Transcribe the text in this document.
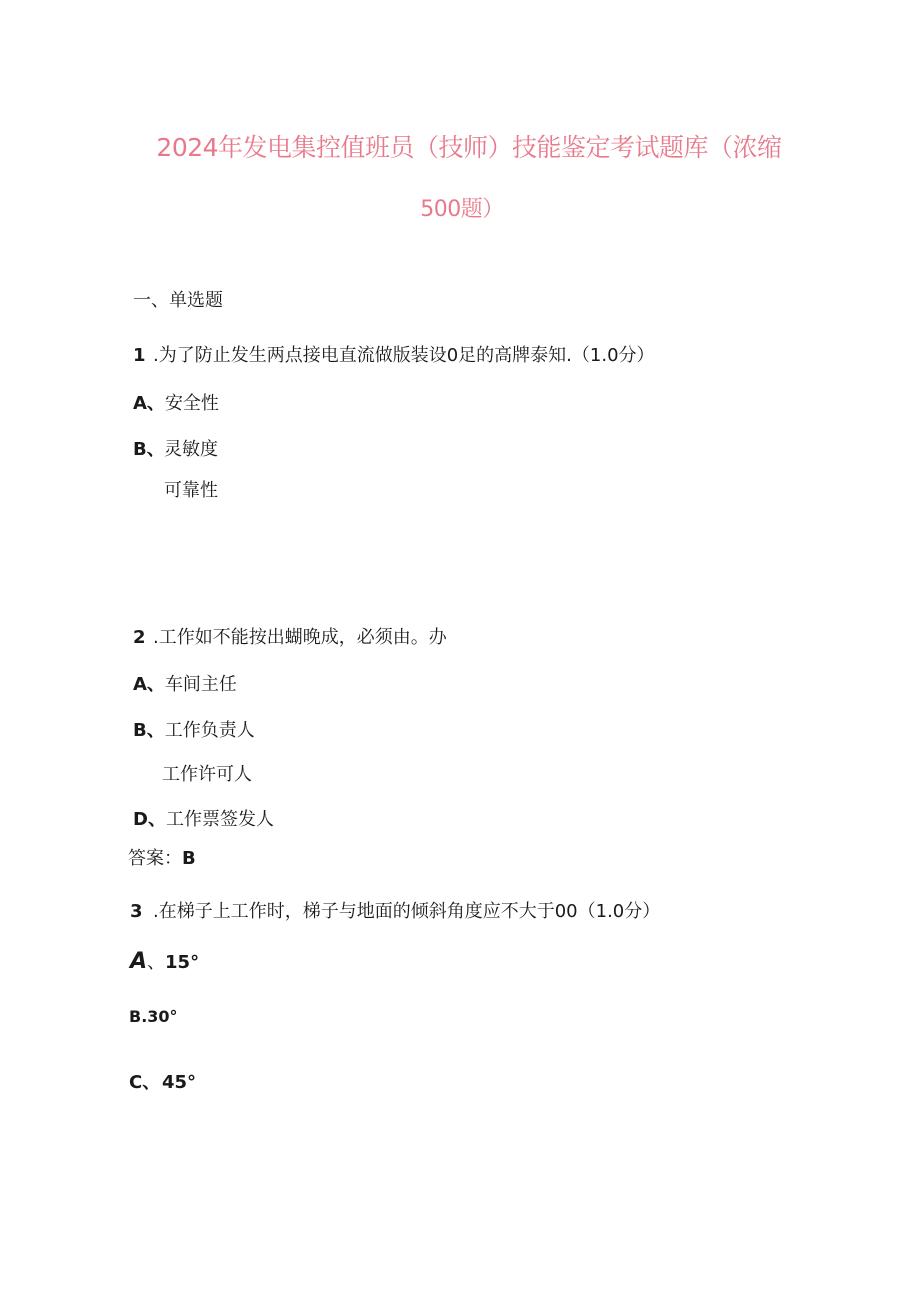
2024年发电集控值班员（技师）技能鉴定考试题库（浓缩
500题）
一、单选题
1 .为了防止发生两点接电直流做版装设0足的高牌泰知.（1.0分）
A、安全性
B、灵敏度
可靠性
2 .工作如不能按出蝴晚成，必须由。办
A、车间主任
B、工作负责人
工作许可人
D、工作票签发人
答案：B
3 .在梯子上工作时，梯子与地面的倾斜角度应不大于00（1.0分）
A、15°
B.30°
C、45°
